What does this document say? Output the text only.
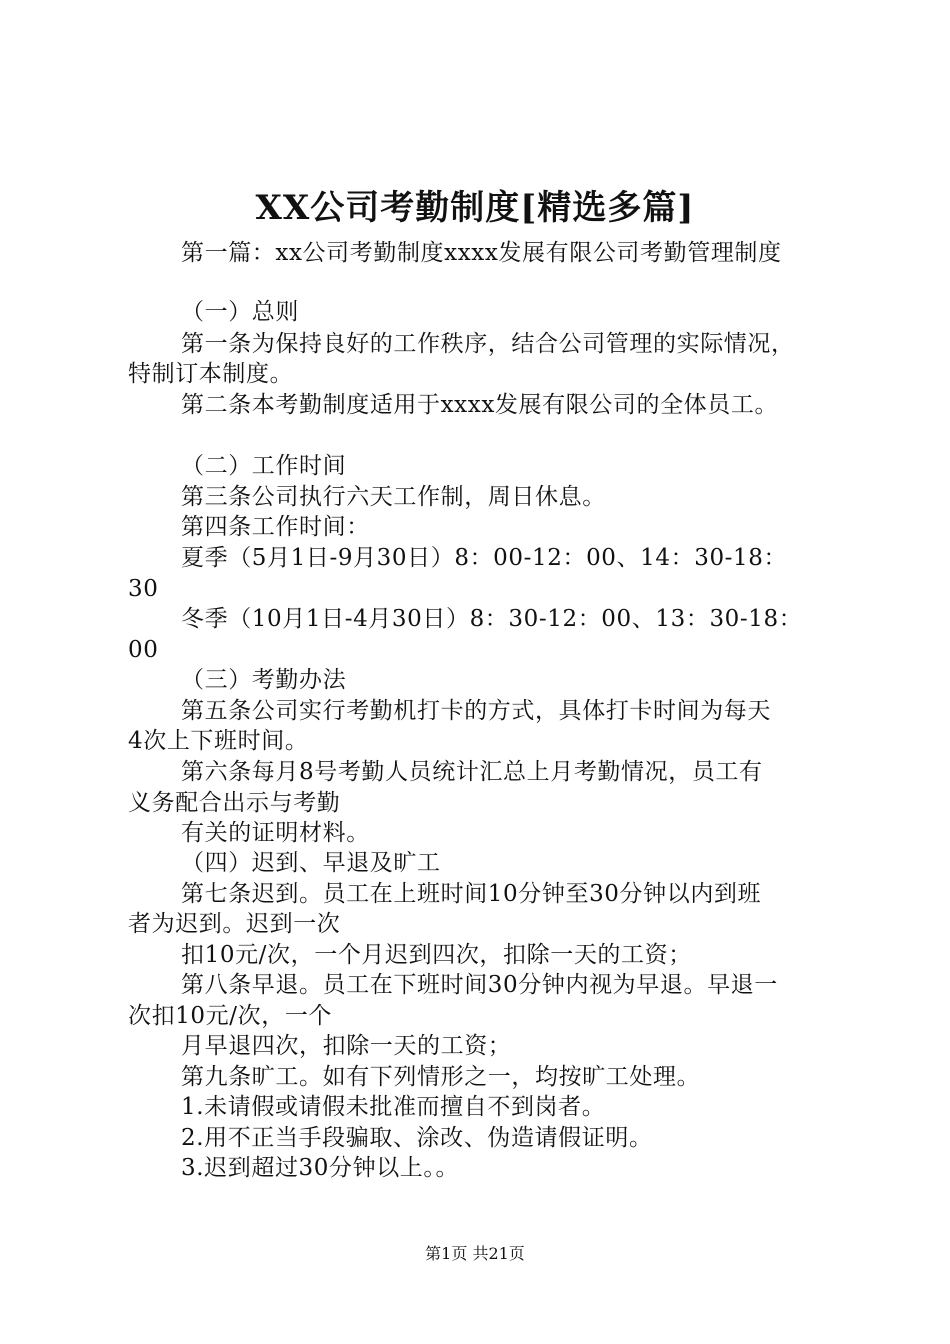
XX公司考勤制度[精选多篇]
第一篇：xx公司考勤制度xxxx发展有限公司考勤管理制度
（一）总则
第一条为保持良好的工作秩序，结合公司管理的实际情况，
特制订本制度。
第二条本考勤制度适用于xxxx发展有限公司的全体员工。
（二）工作时间
第三条公司执行六天工作制，周日休息。
第四条工作时间：
夏季（5月1日-9月30日）8：00-12：00、14：30-18：
30
冬季（10月1日-4月30日）8：30-12：00、13：30-18：
00
（三）考勤办法
第五条公司实行考勤机打卡的方式，具体打卡时间为每天
4次上下班时间。
第六条每月8号考勤人员统计汇总上月考勤情况，员工有
义务配合出示与考勤
有关的证明材料。
（四）迟到、早退及旷工
第七条迟到。员工在上班时间10分钟至30分钟以内到班
者为迟到。迟到一次
扣10元/次，一个月迟到四次，扣除一天的工资；
第八条早退。员工在下班时间30分钟内视为早退。早退一
次扣10元/次，一个
月早退四次，扣除一天的工资；
第九条旷工。如有下列情形之一，均按旷工处理。
1.未请假或请假未批准而擅自不到岗者。
2.用不正当手段骗取、涂改、伪造请假证明。
3.迟到超过30分钟以上。。
第1页 共21页
